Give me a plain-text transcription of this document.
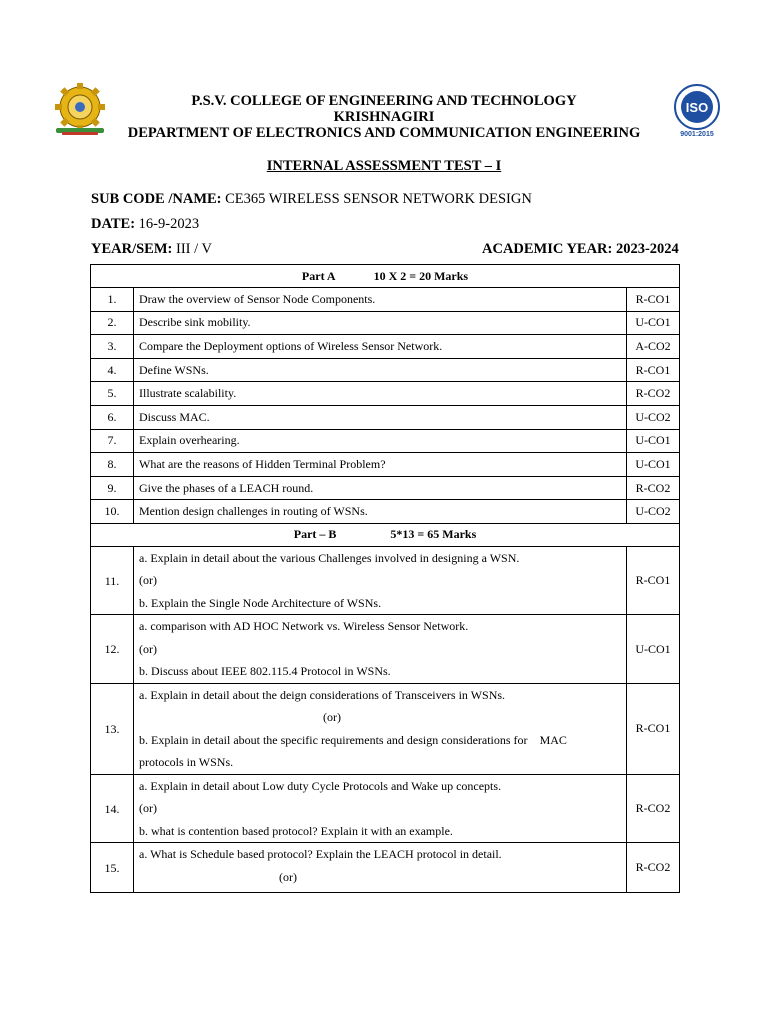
ISO
9001:2015
P.S.V. COLLEGE OF ENGINEERING AND TECHNOLOGY
KRISHNAGIRI
DEPARTMENT OF ELECTRONICS AND COMMUNICATION ENGINEERING
INTERNAL ASSESSMENT TEST – I
SUB CODE /NAME: CE365 WIRELESS SENSOR NETWORK DESIGN
DATE: 16-9-2023
YEAR/SEM: III / V	ACADEMIC YEAR: 2023-2024
Part A 10 X 2 = 20 Marks		
1.	Draw the overview of Sensor Node Components.	R-CO1
2.	Describe sink mobility.	U-CO1
3.	Compare the Deployment options of Wireless Sensor Network.	A-CO2
4.	Define WSNs.	R-CO1
5.	Illustrate scalability.	R-CO2
6.	Discuss MAC.	U-CO2
7.	Explain overhearing.	U-CO1
8.	What are the reasons of Hidden Terminal Problem?	U-CO1
9.	Give the phases of a LEACH round.	R-CO2
10.	Mention design challenges in routing of WSNs.	U-CO2
Part – B 5*13 = 65 Marks		
11.	a. Explain in detail about the various Challenges involved in designing a WSN.
(or)
b. Explain the Single Node Architecture of WSNs.	R-CO1
12.	a. comparison with AD HOC Network vs. Wireless Sensor Network.
(or)
b. Discuss about IEEE 802.115.4 Protocol in WSNs.	U-CO1
13.	a. Explain in detail about the deign considerations of Transceivers in WSNs.
(or)
b. Explain in detail about the specific requirements and design considerations for MAC
protocols in WSNs.	R-CO1
14.	a. Explain in detail about Low duty Cycle Protocols and Wake up concepts.
(or)
b. what is contention based protocol? Explain it with an example.	R-CO2
15.	a. What is Schedule based protocol? Explain the LEACH protocol in detail.
(or)	R-CO2
